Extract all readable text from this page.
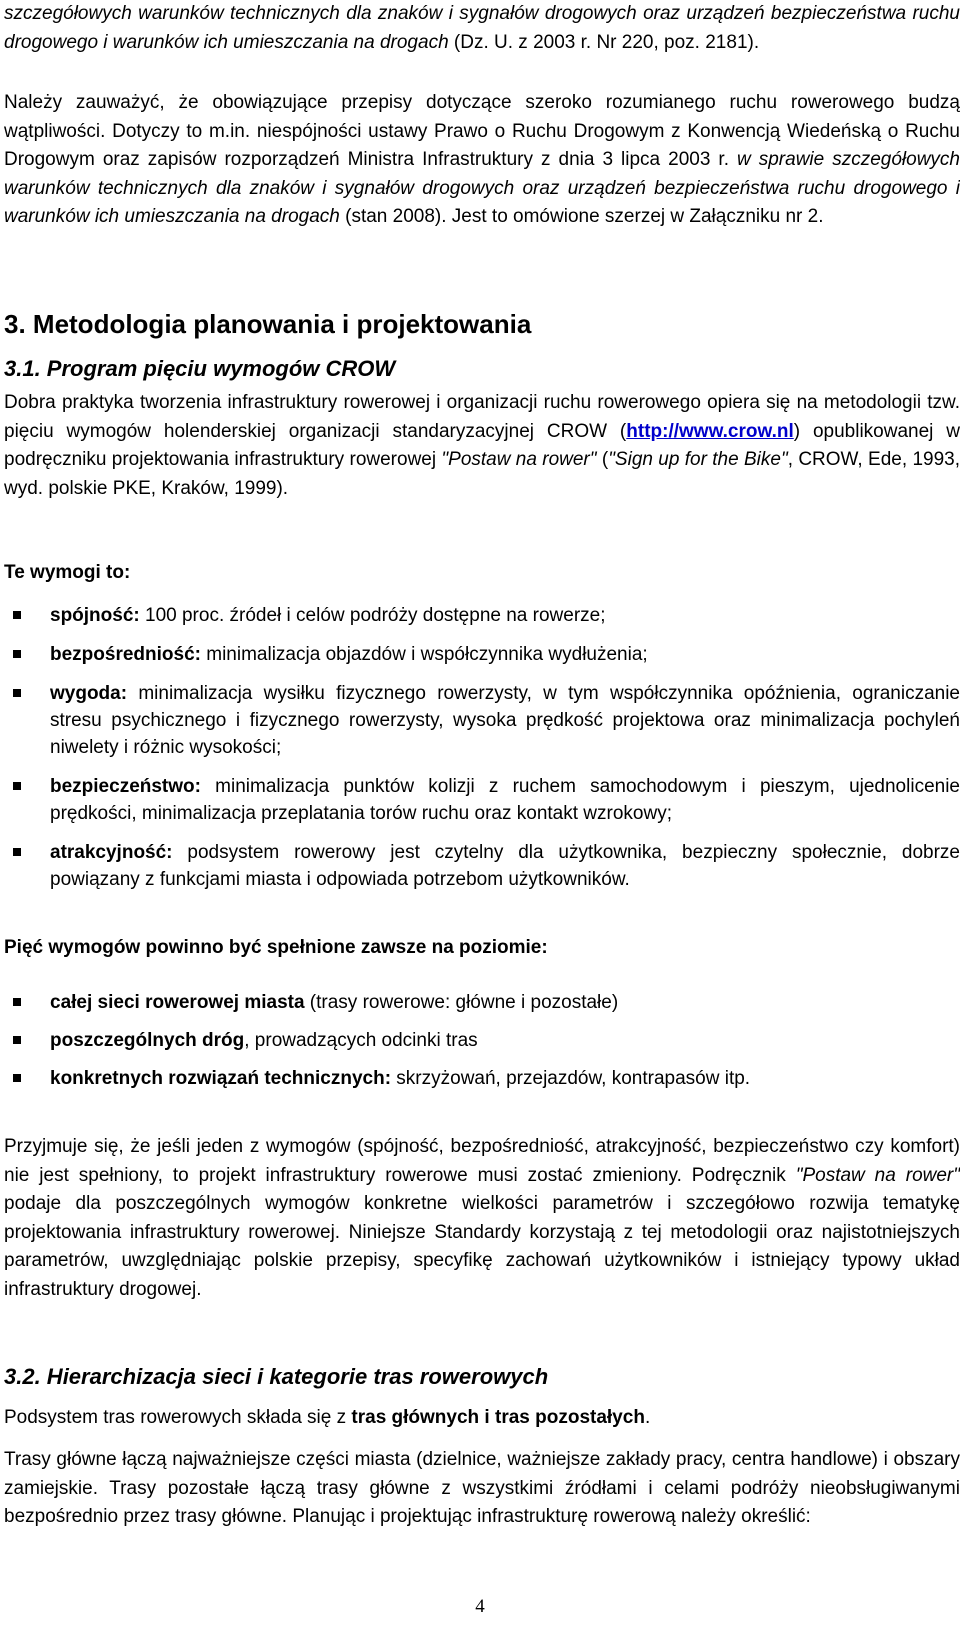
szczegółowych warunków technicznych dla znaków i sygnałów drogowych oraz urządzeń bezpieczeństwa ruchu drogowego i warunków ich umieszczania na drogach (Dz. U. z 2003 r. Nr 220, poz. 2181).

Należy zauważyć, że obowiązujące przepisy dotyczące szeroko rozumianego ruchu rowerowego budzą wątpliwości. Dotyczy to m.in. niespójności ustawy Prawo o Ruchu Drogowym z Konwencją Wiedeńską o Ruchu Drogowym oraz zapisów rozporządzeń Ministra Infrastruktury z dnia 3 lipca 2003 r. w sprawie szczegółowych warunków technicznych dla znaków i sygnałów drogowych oraz urządzeń bezpieczeństwa ruchu drogowego i warunków ich umieszczania na drogach (stan 2008). Jest to omówione szerzej w Załączniku nr 2.

3. Metodologia planowania i projektowania
3.1. Program pięciu wymogów CROW

Dobra praktyka tworzenia infrastruktury rowerowej i organizacji ruchu rowerowego opiera się na metodologii tzw. pięciu wymogów holenderskiej organizacji standaryzacyjnej CROW (http://www.crow.nl) opublikowanej w podręczniku projektowania infrastruktury rowerowej "Postaw na rower" ("Sign up for the Bike", CROW, Ede, 1993, wyd. polskie PKE, Kraków, 1999).

Te wymogi to:

spójność: 100 proc. źródeł i celów podróży dostępne na rowerze;
bezpośredniość: minimalizacja objazdów i współczynnika wydłużenia;
wygoda: minimalizacja wysiłku fizycznego rowerzysty, w tym współczynnika opóźnienia, ograniczanie stresu psychicznego i fizycznego rowerzysty, wysoka prędkość projektowa oraz minimalizacja pochyleń niwelety i różnic wysokości;
bezpieczeństwo: minimalizacja punktów kolizji z ruchem samochodowym i pieszym, ujednolicenie prędkości, minimalizacja przeplatania torów ruchu oraz kontakt wzrokowy;
atrakcyjność: podsystem rowerowy jest czytelny dla użytkownika, bezpieczny społecznie, dobrze powiązany z funkcjami miasta i odpowiada potrzebom użytkowników.

Pięć wymogów powinno być spełnione zawsze na poziomie:

całej sieci rowerowej miasta (trasy rowerowe: główne i pozostałe)
poszczególnych dróg, prowadzących odcinki tras
konkretnych rozwiązań technicznych: skrzyżowań, przejazdów, kontrapasów itp.

Przyjmuje się, że jeśli jeden z wymogów (spójność, bezpośredniość, atrakcyjność, bezpieczeństwo czy komfort) nie jest spełniony, to projekt infrastruktury rowerowe musi zostać zmieniony. Podręcznik "Postaw na rower" podaje dla poszczególnych wymogów konkretne wielkości parametrów i szczegółowo rozwija tematykę projektowania infrastruktury rowerowej. Niniejsze Standardy korzystają z tej metodologii oraz najistotniejszych parametrów, uwzględniając polskie przepisy, specyfikę zachowań użytkowników i istniejący typowy układ infrastruktury drogowej.

3.2. Hierarchizacja sieci i kategorie tras rowerowych

Podsystem tras rowerowych składa się z tras głównych i tras pozostałych.

Trasy główne łączą najważniejsze części miasta (dzielnice, ważniejsze zakłady pracy, centra handlowe) i obszary zamiejskie. Trasy pozostałe łączą trasy główne z wszystkimi źródłami i celami podróży nieobsługiwanymi bezpośrednio przez trasy główne. Planując i projektując infrastrukturę rowerową należy określić:

4
